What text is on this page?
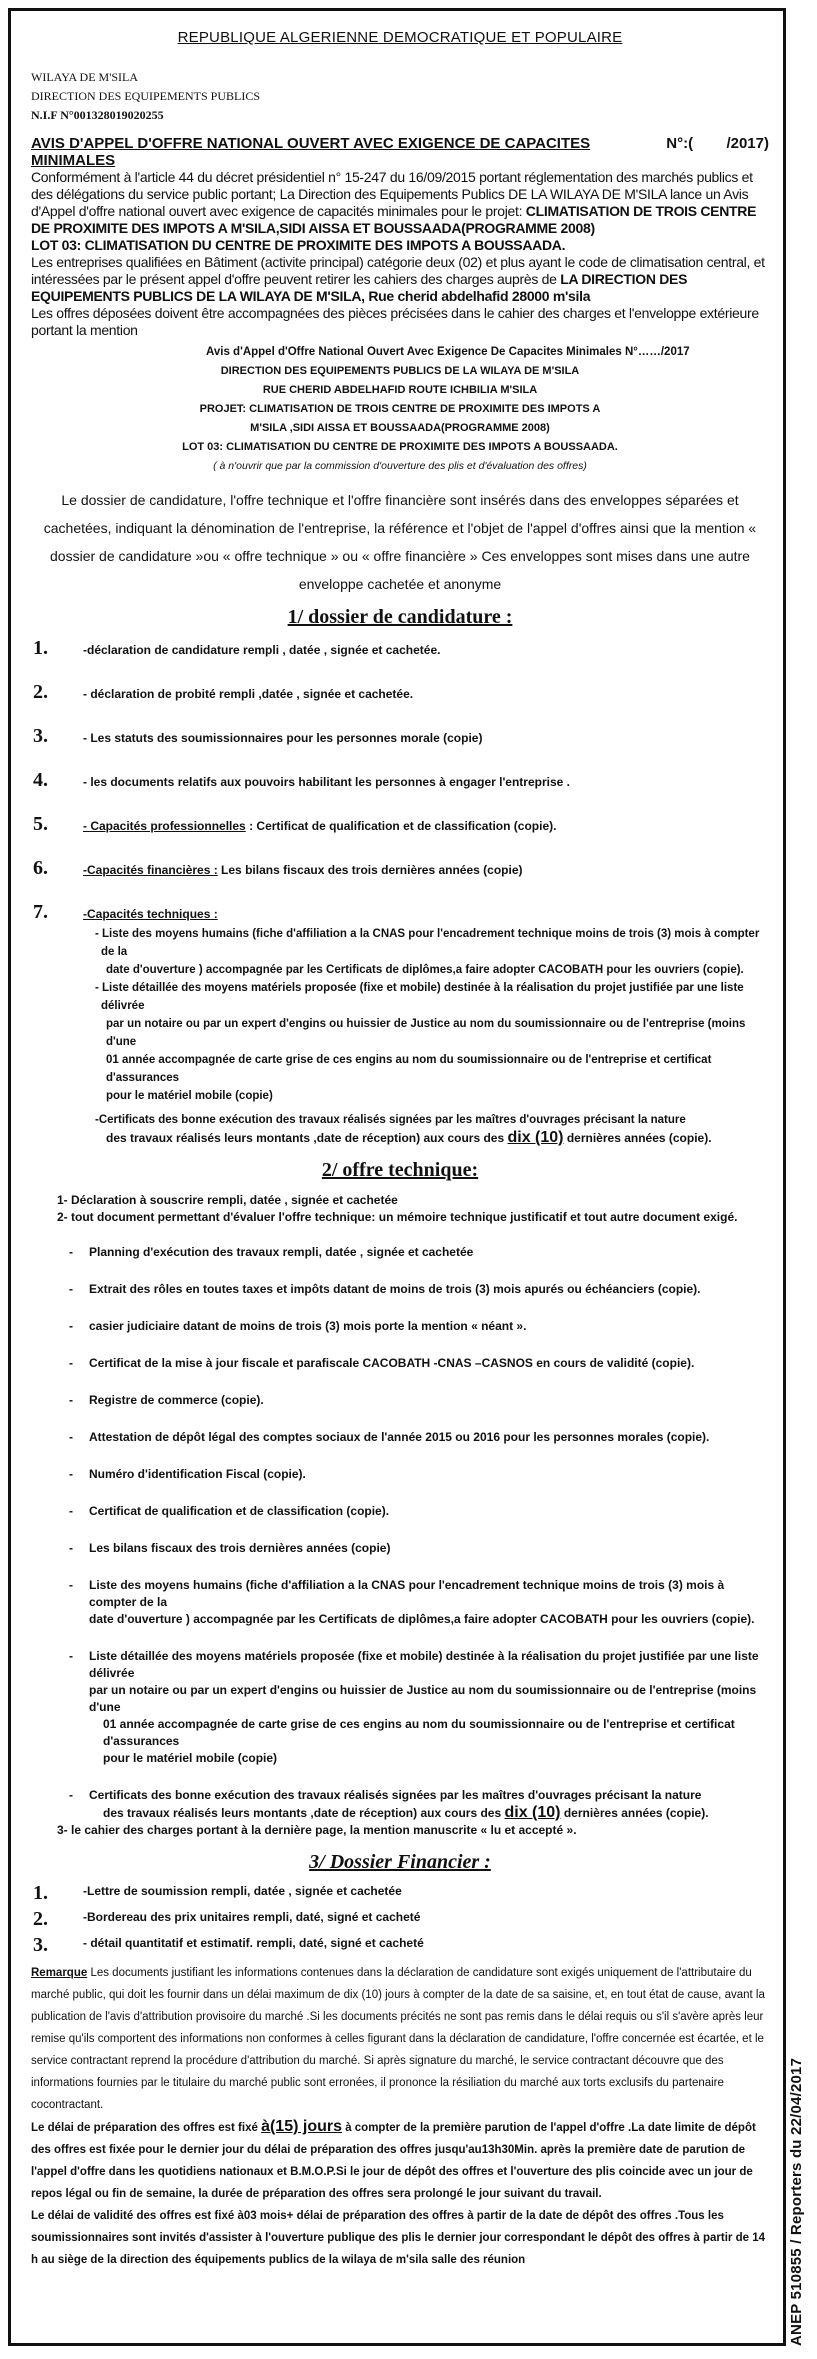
REPUBLIQUE ALGERIENNE DEMOCRATIQUE ET POPULAIRE
WILAYA DE M'SILA
DIRECTION DES EQUIPEMENTS PUBLICS
N.I.F N°001328019020255
AVIS D'APPEL D'OFFRE NATIONAL OUVERT AVEC EXIGENCE DE CAPACITES MINIMALES
N°:(        /2017)

Conformément à l'article 44 du décret présidentiel n° 15-247 du 16/09/2015 portant réglementation des marchés publics et des délégations du service public portant; La Direction des Equipements Publics DE LA WILAYA DE M'SILA lance un Avis d'Appel d'offre national ouvert avec exigence de capacités minimales pour le projet: CLIMATISATION DE TROIS CENTRE DE PROXIMITE DES IMPOTS A M'SILA,SIDI AISSA ET BOUSSAADA(PROGRAMME 2008)
LOT 03: CLIMATISATION DU CENTRE DE PROXIMITE DES IMPOTS A BOUSSAADA.

Les entreprises qualifiées en Bâtiment (activite principal) catégorie deux (02) et plus ayant le code de climatisation central, et intéressées par le présent appel d'offre peuvent retirer les cahiers des charges auprès de LA DIRECTION DES EQUIPEMENTS PUBLICS DE LA WILAYA DE M'SILA, Rue cherid abdelhafid 28000 m'sila

Les offres déposées doivent être accompagnées des pièces précisées dans le cahier des charges et l'enveloppe extérieure portant la mention

Avis d'Appel d'Offre National Ouvert Avec Exigence De Capacites Minimales N°……/2017
DIRECTION DES EQUIPEMENTS PUBLICS DE LA WILAYA DE M'SILA
RUE CHERID ABDELHAFID ROUTE ICHBILIA M'SILA
PROJET: CLIMATISATION DE TROIS CENTRE DE PROXIMITE DES IMPOTS A
M'SILA ,SIDI AISSA ET BOUSSAADA(PROGRAMME 2008)
LOT 03: CLIMATISATION DU CENTRE DE PROXIMITE DES IMPOTS A BOUSSAADA.
( à n'ouvrir que par la commission d'ouverture des plis et d'évaluation des offres)

Le dossier de candidature, l'offre technique et l'offre financière sont insérés dans des enveloppes séparées et cachetées, indiquant la dénomination de l'entreprise, la référence et l'objet de l'appel d'offres ainsi que la mention « dossier de candidature »ou « offre technique » ou « offre financière » Ces enveloppes sont mises dans une autre enveloppe cachetée et anonyme

1/ dossier de candidature :
1.	-déclaration de candidature rempli , datée , signée et cachetée.
2.	- déclaration de probité rempli ,datée , signée et cachetée.
3.	- Les statuts des soumissionnaires pour les personnes morale (copie)
4.	- les documents relatifs aux pouvoirs habilitant les personnes à engager l'entreprise .
5.	- Capacités professionnelles : Certificat de qualification et de classification (copie).
6.	-Capacités financières : Les bilans fiscaux des trois dernières années (copie)
7.	-Capacités techniques :
- Liste des moyens humains (fiche d'affiliation a la CNAS pour l'encadrement technique moins de trois (3) mois à compter de la
date d'ouverture ) accompagnée par les Certificats de diplômes,a faire adopter CACOBATH pour les ouvriers (copie).
- Liste détaillée des moyens matériels proposée (fixe et mobile) destinée à la réalisation du projet justifiée par une liste délivrée
par un notaire ou par un expert d'engins ou huissier de Justice au nom du soumissionnaire ou de l'entreprise (moins d'une
01 année accompagnée de carte grise de ces engins au nom du soumissionnaire ou de l'entreprise et certificat d'assurances
pour le matériel mobile (copie)
-Certificats des bonne exécution des travaux réalisés signées par les maîtres d'ouvrages précisant la nature
des travaux réalisés leurs montants ,date de réception) aux cours des dix (10) dernières années (copie).
2/ offre technique:
1- Déclaration à souscrire rempli, datée , signée et cachetée
2- tout document permettant d'évaluer l'offre technique: un mémoire technique justificatif et tout autre document exigé.
- Planning d'exécution des travaux rempli, datée , signée et cachetée
- Extrait des rôles en toutes taxes et impôts datant de moins de trois (3) mois apurés ou échéanciers (copie).
- casier judiciaire datant de moins de trois (3) mois porte la mention « néant ».
- Certificat de la mise à jour fiscale et parafiscale CACOBATH -CNAS –CASNOS en cours de validité (copie).
- Registre de commerce (copie).
- Attestation de dépôt légal des comptes sociaux de l'année 2015 ou 2016 pour les personnes morales (copie).
- Numéro d'identification Fiscal (copie).
- Certificat de qualification et de classification (copie).
- Les bilans fiscaux des trois dernières années (copie)
- Liste des moyens humains (fiche d'affiliation a la CNAS pour l'encadrement technique moins de trois (3) mois à compter de la
date d'ouverture ) accompagnée par les Certificats de diplômes,a faire adopter CACOBATH pour les ouvriers (copie).
- Liste détaillée des moyens matériels proposée (fixe et mobile) destinée à la réalisation du projet justifiée par une liste délivrée
par un notaire ou par un expert d'engins ou huissier de Justice au nom du soumissionnaire ou de l'entreprise (moins d'une
01 année accompagnée de carte grise de ces engins au nom du soumissionnaire ou de l'entreprise et certificat d'assurances
pour le matériel mobile (copie)
- Certificats des bonne exécution des travaux réalisés signées par les maîtres d'ouvrages précisant la nature
des travaux réalisés leurs montants ,date de réception) aux cours des dix (10) dernières années (copie).
3- le cahier des charges portant à la dernière page, la mention manuscrite « lu et accepté ».
3/ Dossier Financier :
1.	-Lettre de soumission rempli, datée , signée et cachetée
2.	-Bordereau des prix unitaires rempli, daté, signé et cacheté
3.	- détail quantitatif et estimatif. rempli, daté, signé et cacheté
Remarque Les documents justifiant les informations contenues dans la déclaration de candidature sont exigés uniquement de l'attributaire du marché public, qui doit les fournir dans un délai maximum de dix (10) jours à compter de la date de sa saisine, et, en tout état de cause, avant la publication de l'avis d'attribution provisoire du marché .Si les documents précités ne sont pas remis dans le délai requis ou s'il s'avère après leur remise qu'ils comportent des informations non conformes à celles figurant dans la déclaration de candidature, l'offre concernée est écartée, et le service contractant reprend la procédure d'attribution du marché. Si après signature du marché, le service contractant découvre que des informations fournies par le titulaire du marché public sont erronées, il prononce la résiliation du marché aux torts exclusifs du partenaire cocontractant.
Le délai de préparation des offres est fixé à(15) jours à compter de la première parution de l'appel d'offre .La date limite de dépôt des offres est fixée pour le dernier jour du délai de préparation des offres jusqu'au13h30Min. après la première date de parution de l'appel d'offre dans les quotidiens nationaux et B.M.O.P.Si le jour de dépôt des offres et l'ouverture des plis coincide avec un jour de repos légal ou fin de semaine, la durée de préparation des offres sera prolongé le jour suivant du travail.
Le délai de validité des offres est fixé à03 mois+ délai de préparation des offres à partir de la date de dépôt des offres .Tous les soumissionnaires sont invités d'assister à l'ouverture publique des plis le dernier jour correspondant le dépôt des offres à partir de 14 h au siège de la direction des équipements publics de la wilaya de m'sila salle des réunion	ANEP 510855 / Reporters du 22/04/2017
